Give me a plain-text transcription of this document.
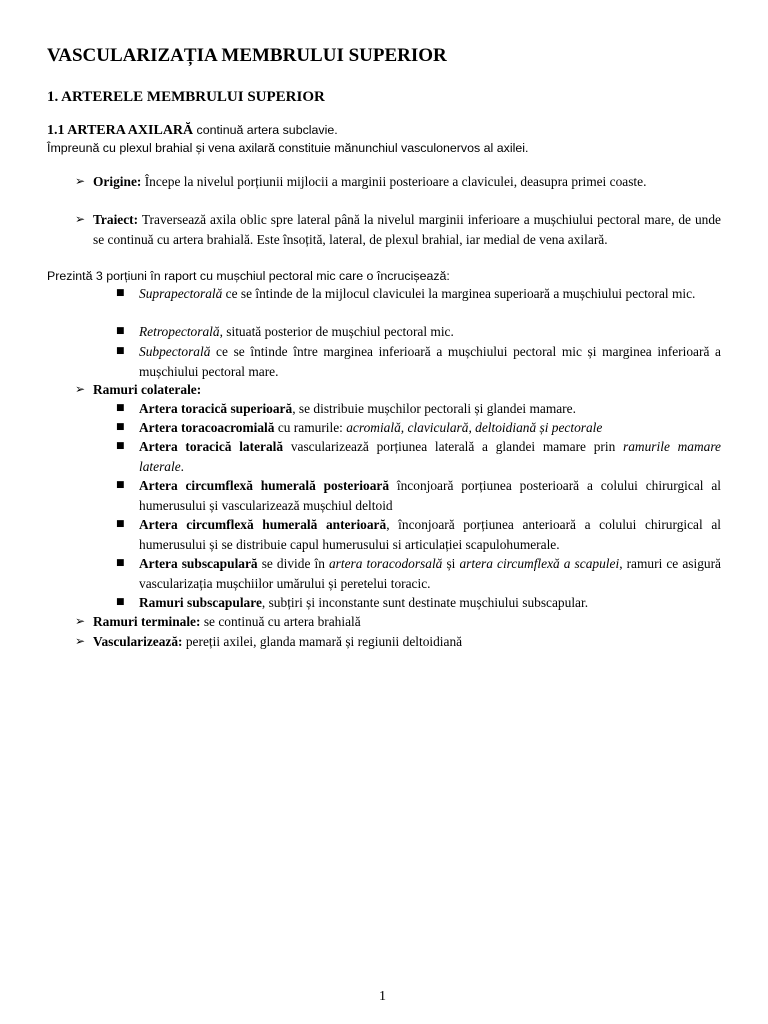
VASCULARIZAȚIA MEMBRULUI SUPERIOR
1. ARTERELE MEMBRULUI SUPERIOR
1.1 ARTERA AXILARĂ continuă artera subclavie.
Împreună cu plexul brahial și vena axilară constituie mănunchiul vasculonervos al axilei.
➢ Origine: Începe la nivelul porțiunii mijlocii a marginii posterioare a claviculei, deasupra primei coaste.
➢ Traiect: Traversează axila oblic spre lateral până la nivelul marginii inferioare a mușchiului pectoral mare, de unde se continuă cu artera brahială. Este însoțită, lateral, de plexul brahial, iar medial de vena axilară.
Prezintă 3 porțiuni în raport cu mușchiul pectoral mic care o încrucișează:
■ Suprapectorală ce se întinde de la mijlocul claviculei la marginea superioară a mușchiului pectoral mic.
■ Retropectorală, situată posterior de mușchiul pectoral mic.
■ Subpectorală ce se întinde între marginea inferioară a mușchiului pectoral mic și marginea inferioară a mușchiului pectoral mare.
➢ Ramuri colaterale:
■ Artera toracică superioară, se distribuie mușchilor pectorali și glandei mamare.
■ Artera toracoacromială cu ramurile: acromială, claviculară, deltoidiană și pectorale
■ Artera toracică laterală vascularizează porțiunea laterală a glandei mamare prin ramurile mamare laterale.
■ Artera circumflexă humerală posterioară înconjoară porțiunea posterioară a colului chirurgical al humerusului și vascularizează mușchiul deltoid
■ Artera circumflexă humerală anterioară, înconjoară porțiunea anterioară a colului chirurgical al humerusului și se distribuie capul humerusului si articulației scapulohumerale.
■ Artera subscapulară se divide în artera toracodorsală și artera circumflexă a scapulei, ramuri ce asigură vascularizația mușchiilor umărului și peretelui toracic.
■ Ramuri subscapulare, subțiri și inconstante sunt destinate mușchiului subscapular.
➢ Ramuri terminale: se continuă cu artera brahială
➢ Vascularizează: pereții axilei, glanda mamară și regiunii deltoidiană
1
